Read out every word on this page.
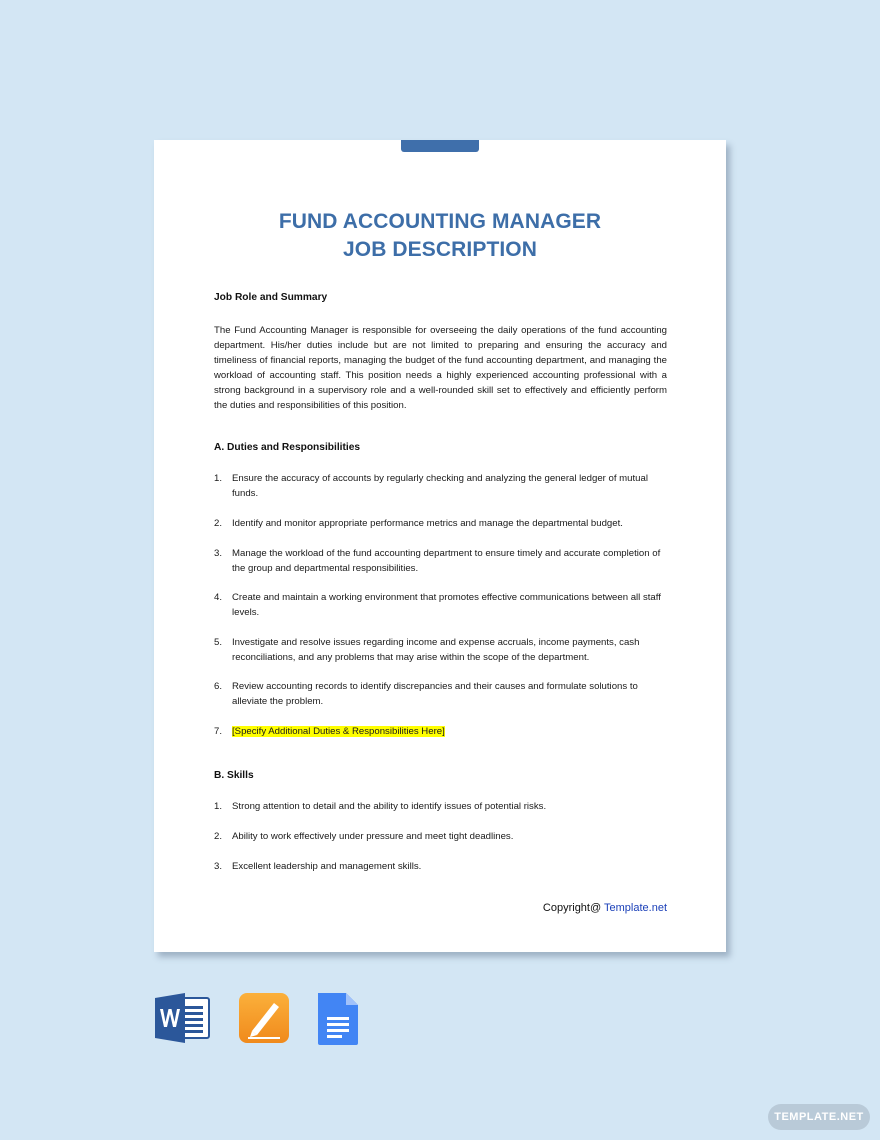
FUND ACCOUNTING MANAGER
JOB DESCRIPTION
Job Role and Summary
The Fund Accounting Manager is responsible for overseeing the daily operations of the fund accounting department. His/her duties include but are not limited to preparing and ensuring the accuracy and timeliness of financial reports, managing the budget of the fund accounting department, and managing the workload of accounting staff. This position needs a highly experienced accounting professional with a strong background in a supervisory role and a well-rounded skill set to effectively and efficiently perform the duties and responsibilities of this position.
A. Duties and Responsibilities
1. Ensure the accuracy of accounts by regularly checking and analyzing the general ledger of mutual funds.
2. Identify and monitor appropriate performance metrics and manage the departmental budget.
3. Manage the workload of the fund accounting department to ensure timely and accurate completion of the group and departmental responsibilities.
4. Create and maintain a working environment that promotes effective communications between all staff levels.
5. Investigate and resolve issues regarding income and expense accruals, income payments, cash reconciliations, and any problems that may arise within the scope of the department.
6. Review accounting records to identify discrepancies and their causes and formulate solutions to alleviate the problem.
7. [Specify Additional Duties & Responsibilities Here]
B. Skills
1. Strong attention to detail and the ability to identify issues of potential risks.
2. Ability to work effectively under pressure and meet tight deadlines.
3. Excellent leadership and management skills.
Copyright@ Template.net
TEMPLATE.NET
